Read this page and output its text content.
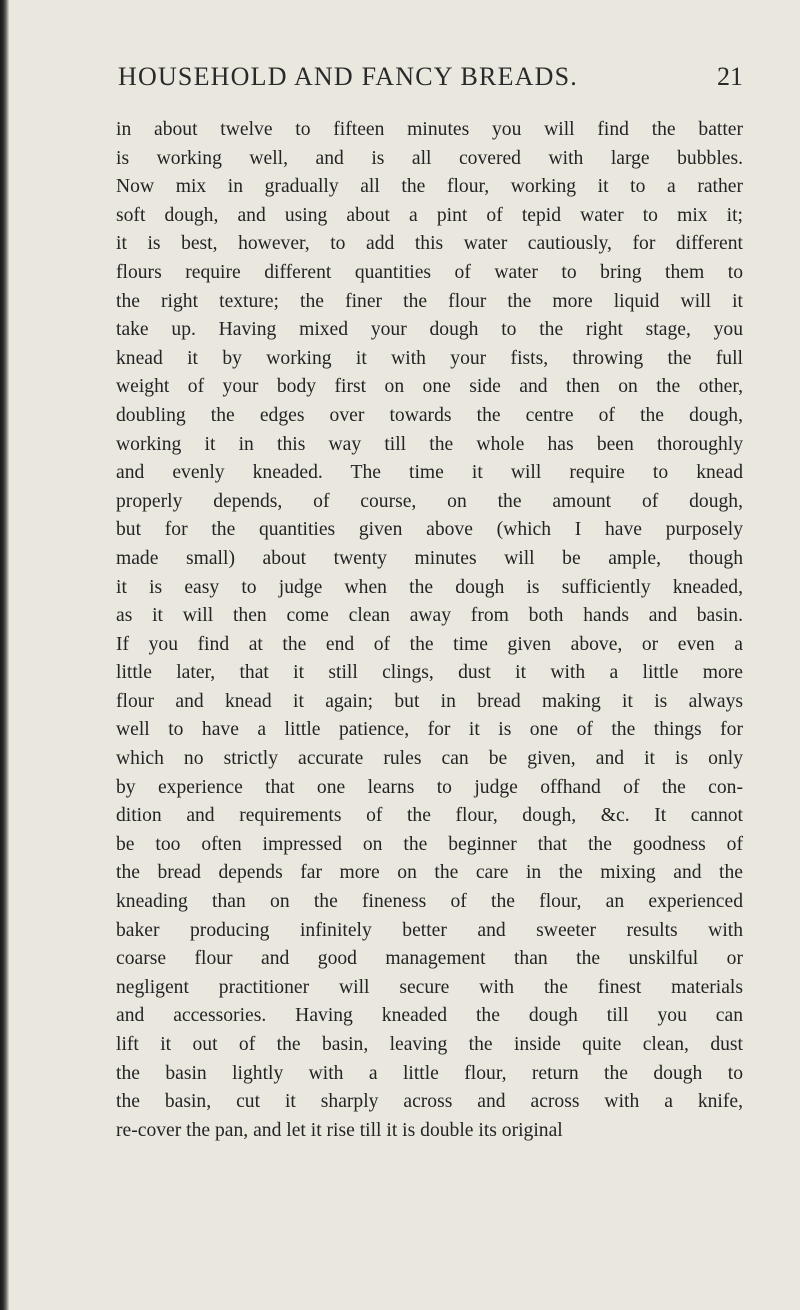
HOUSEHOLD AND FANCY BREADS.	21
in about twelve to fifteen minutes you will find the batter
is working well, and is all covered with large bubbles.
Now mix in gradually all the flour, working it to a rather
soft dough, and using about a pint of tepid water to mix it;
it is best, however, to add this water cautiously, for different
flours require different quantities of water to bring them to
the right texture; the finer the flour the more liquid will it
take up. Having mixed your dough to the right stage, you
knead it by working it with your fists, throwing the full
weight of your body first on one side and then on the other,
doubling the edges over towards the centre of the dough,
working it in this way till the whole has been thoroughly
and evenly kneaded. The time it will require to knead
properly depends, of course, on the amount of dough,
but for the quantities given above (which I have purposely
made small) about twenty minutes will be ample, though
it is easy to judge when the dough is sufficiently kneaded,
as it will then come clean away from both hands and basin.
If you find at the end of the time given above, or even a
little later, that it still clings, dust it with a little more
flour and knead it again; but in bread making it is always
well to have a little patience, for it is one of the things for
which no strictly accurate rules can be given, and it is only
by experience that one learns to judge offhand of the con-
dition and requirements of the flour, dough, &c. It cannot
be too often impressed on the beginner that the goodness of
the bread depends far more on the care in the mixing and the
kneading than on the fineness of the flour, an experienced
baker producing infinitely better and sweeter results with
coarse flour and good management than the unskilful or
negligent practitioner will secure with the finest materials
and accessories. Having kneaded the dough till you can
lift it out of the basin, leaving the inside quite clean, dust
the basin lightly with a little flour, return the dough to
the basin, cut it sharply across and across with a knife,
re-cover the pan, and let it rise till it is double its original
